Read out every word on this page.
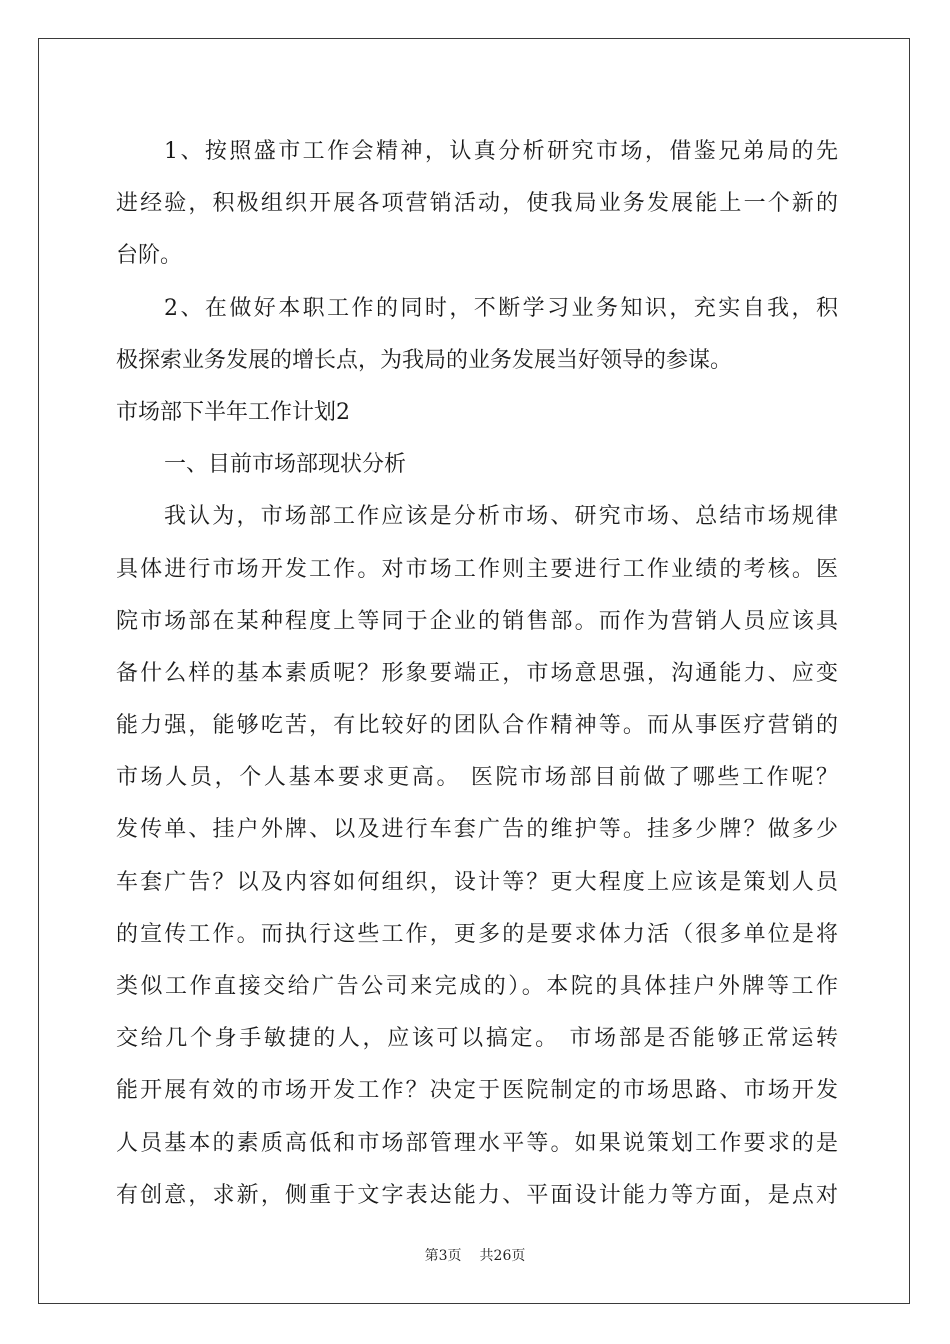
1、按照盛市工作会精神，认真分析研究市场，借鉴兄弟局的先
进经验，积极组织开展各项营销活动，使我局业务发展能上一个新的
台阶。
2、在做好本职工作的同时，不断学习业务知识，充实自我，积
极探索业务发展的增长点，为我局的业务发展当好领导的参谋。
市场部下半年工作计划2
一、目前市场部现状分析
我认为，市场部工作应该是分析市场、研究市场、总结市场规律
具体进行市场开发工作。对市场工作则主要进行工作业绩的考核。医
院市场部在某种程度上等同于企业的销售部。而作为营销人员应该具
备什么样的基本素质呢？形象要端正，市场意思强，沟通能力、应变
能力强，能够吃苦，有比较好的团队合作精神等。而从事医疗营销的
市场人员，个人基本要求更高。 医院市场部目前做了哪些工作呢？
发传单、挂户外牌、以及进行车套广告的维护等。挂多少牌？做多少
车套广告？以及内容如何组织，设计等？更大程度上应该是策划人员
的宣传工作。而执行这些工作，更多的是要求体力活（很多单位是将
类似工作直接交给广告公司来完成的）。本院的具体挂户外牌等工作
交给几个身手敏捷的人，应该可以搞定。 市场部是否能够正常运转
能开展有效的市场开发工作？决定于医院制定的市场思路、市场开发
人员基本的素质高低和市场部管理水平等。如果说策划工作要求的是
有创意，求新，侧重于文字表达能力、平面设计能力等方面，是点对
第3页 共26页
